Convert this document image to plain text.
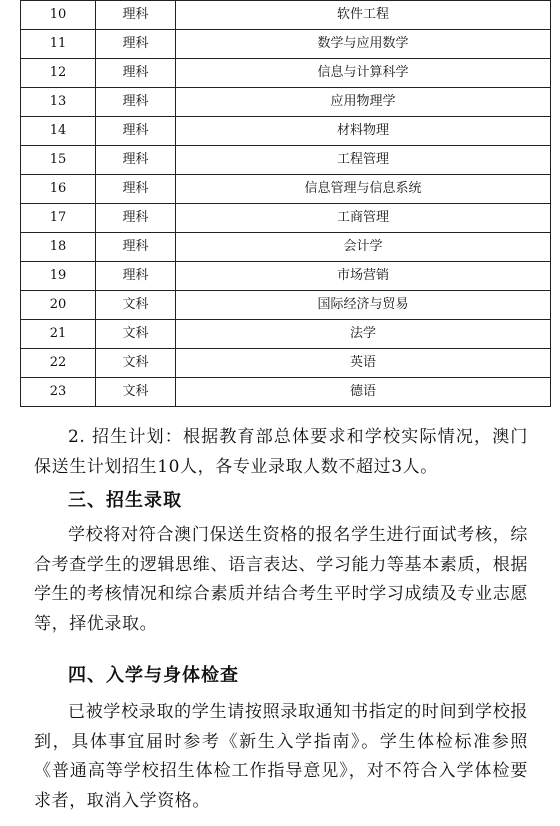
10	理科	软件工程
11	理科	数学与应用数学
12	理科	信息与计算科学
13	理科	应用物理学
14	理科	材料物理
15	理科	工程管理
16	理科	信息管理与信息系统
17	理科	工商管理
18	理科	会计学
19	理科	市场营销
20	文科	国际经济与贸易
21	文科	法学
22	文科	英语
23	文科	德语

2. 招生计划：根据教育部总体要求和学校实际情况，澳门保送生计划招生10人，各专业录取人数不超过3人。

三、招生录取

学校将对符合澳门保送生资格的报名学生进行面试考核，综合考查学生的逻辑思维、语言表达、学习能力等基本素质，根据学生的考核情况和综合素质并结合考生平时学习成绩及专业志愿等，择优录取。

四、入学与身体检查

已被学校录取的学生请按照录取通知书指定的时间到学校报到，具体事宜届时参考《新生入学指南》。学生体检标准参照《普通高等学校招生体检工作指导意见》，对不符合入学体检要求者，取消入学资格。
